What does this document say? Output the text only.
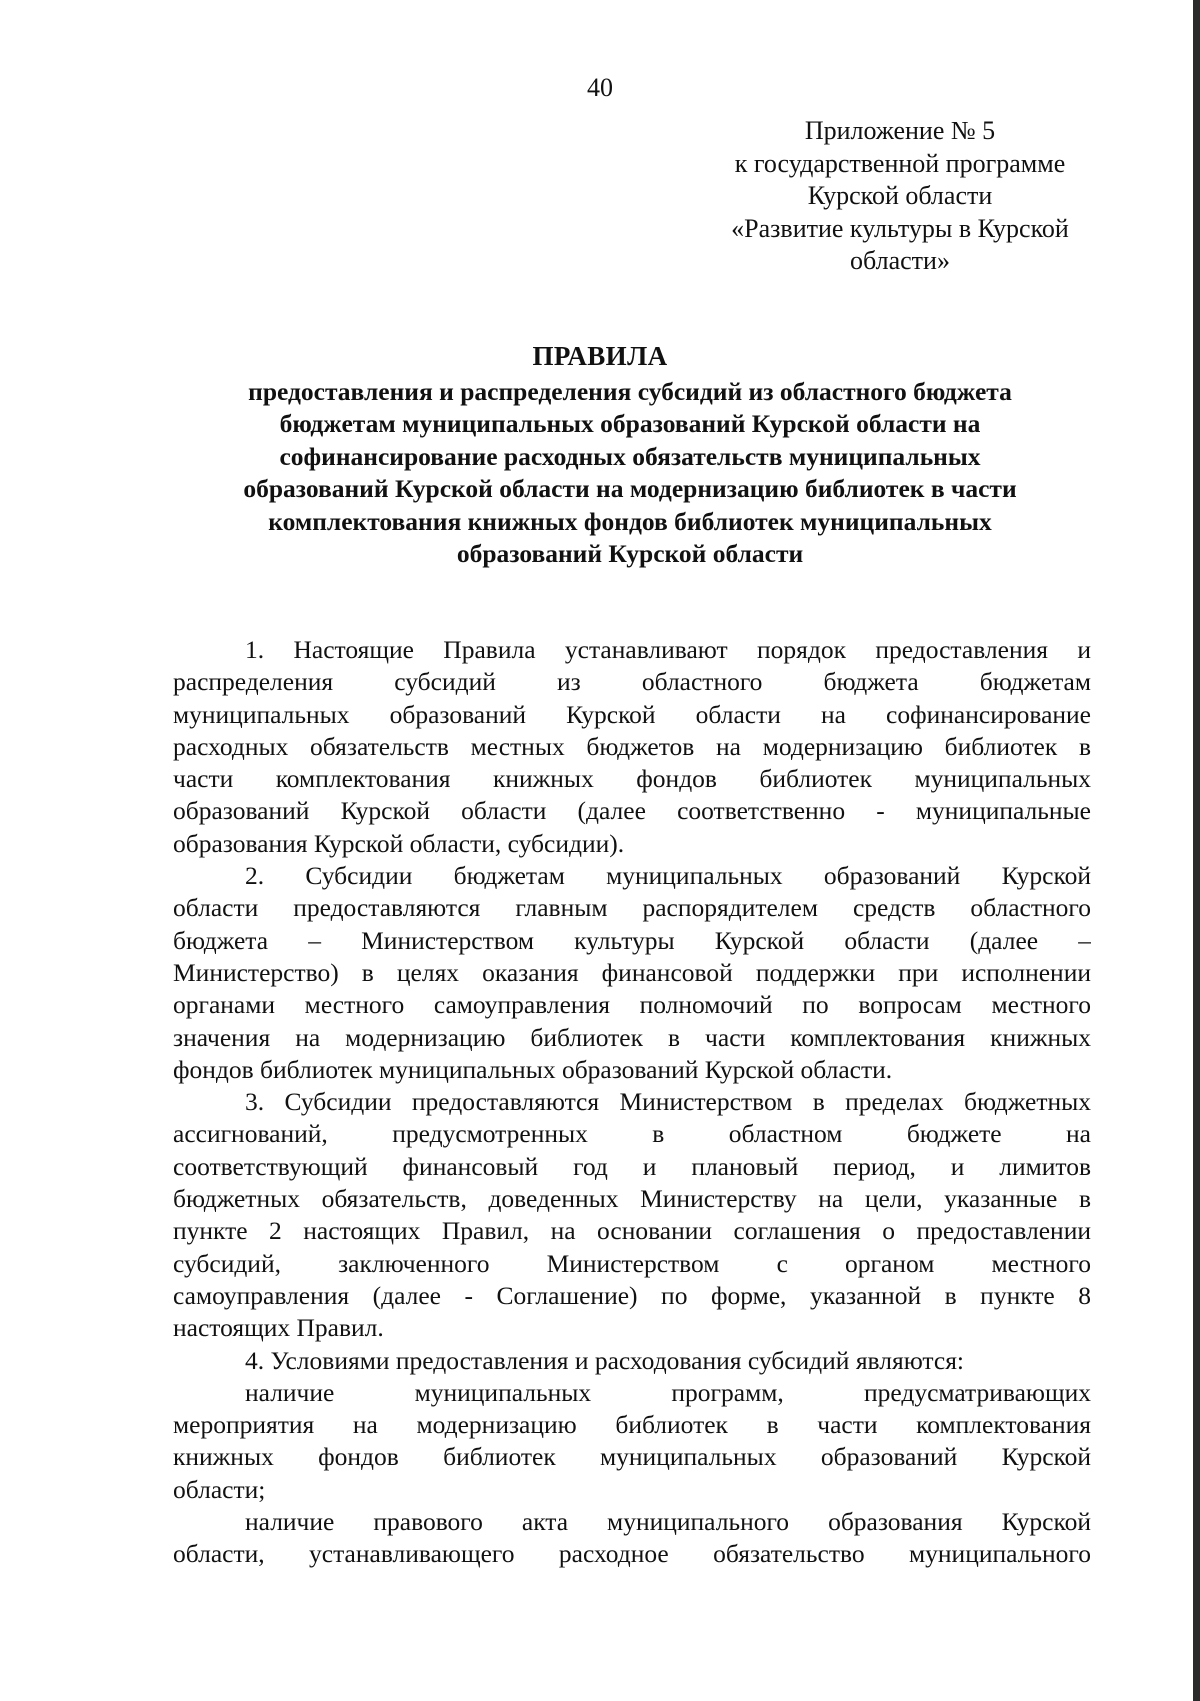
40
Приложение № 5
к государственной программе
Курской области
«Развитие культуры в Курской
области»
ПРАВИЛА
предоставления и распределения субсидий из областного бюджета
бюджетам муниципальных образований Курской области на
софинансирование расходных обязательств муниципальных
образований Курской области на модернизацию библиотек в части
комплектования книжных фондов библиотек муниципальных
образований Курской области
1. Настоящие Правила устанавливают порядок предоставления и
распределения субсидий из областного бюджета бюджетам
муниципальных образований Курской области на софинансирование
расходных обязательств местных бюджетов на модернизацию библиотек в
части комплектования книжных фондов библиотек муниципальных
образований Курской области (далее соответственно - муниципальные
образования Курской области, субсидии).
2. Субсидии бюджетам муниципальных образований Курской
области предоставляются главным распорядителем средств областного
бюджета – Министерством культуры Курской области (далее –
Министерство) в целях оказания финансовой поддержки при исполнении
органами местного самоуправления полномочий по вопросам местного
значения на модернизацию библиотек в части комплектования книжных
фондов библиотек муниципальных образований Курской области.
3. Субсидии предоставляются Министерством в пределах бюджетных
ассигнований, предусмотренных в областном бюджете на
соответствующий финансовый год и плановый период, и лимитов
бюджетных обязательств, доведенных Министерству на цели, указанные в
пункте 2 настоящих Правил, на основании соглашения о предоставлении
субсидий, заключенного Министерством с органом местного
самоуправления (далее - Соглашение) по форме, указанной в пункте 8
настоящих Правил.
4. Условиями предоставления и расходования субсидий являются:
наличие муниципальных программ, предусматривающих
мероприятия на модернизацию библиотек в части комплектования
книжных фондов библиотек муниципальных образований Курской
области;
наличие правового акта муниципального образования Курской
области, устанавливающего расходное обязательство муниципального
